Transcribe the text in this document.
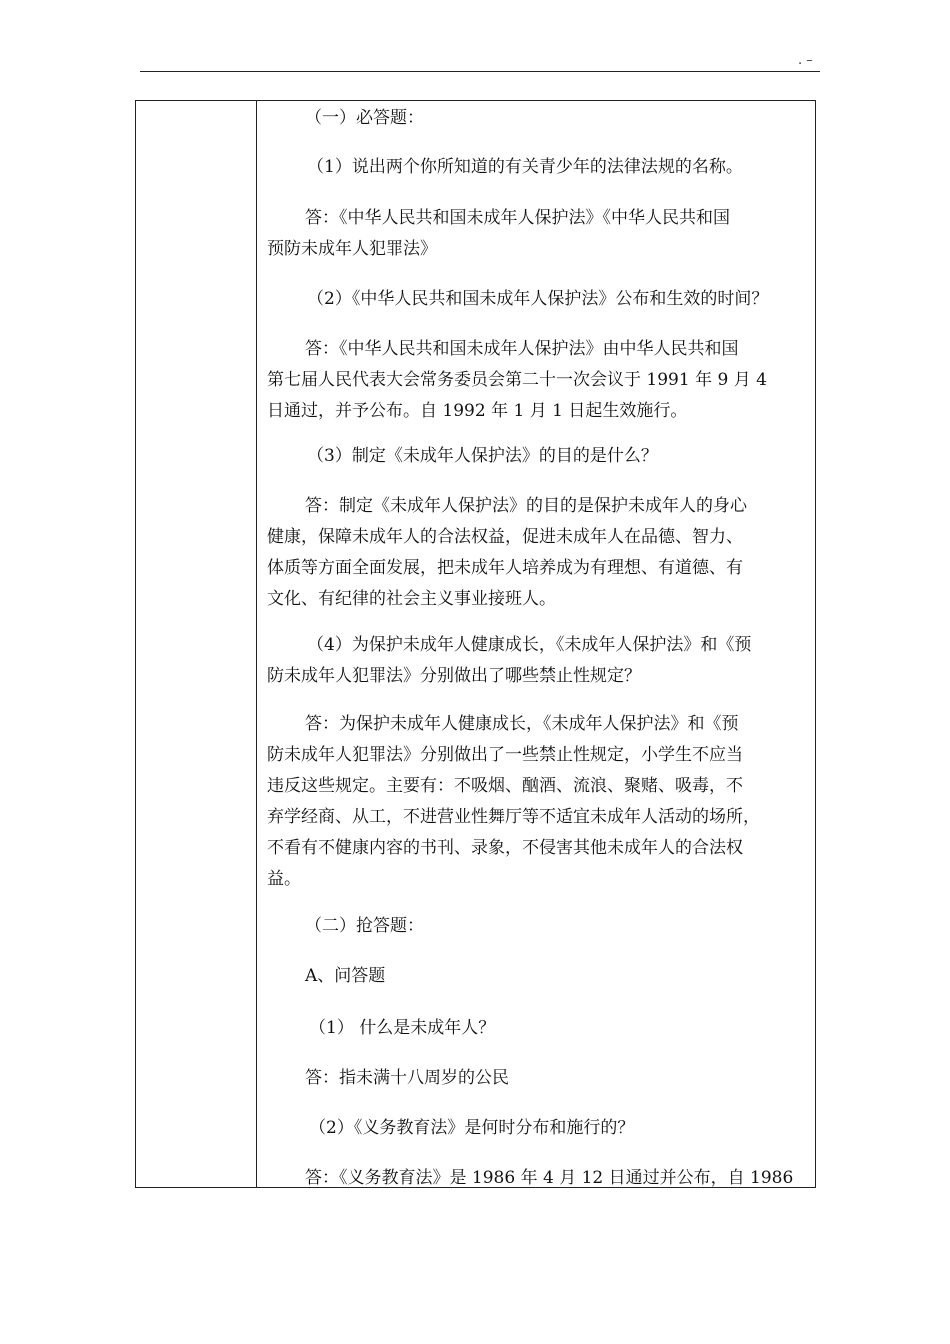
. –

（一）必答题：

（1）说出两个你所知道的有关青少年的法律法规的名称。

答：《中华人民共和国未成年人保护法》《中华人民共和国

预防未成年人犯罪法》

（2）《中华人民共和国未成年人保护法》公布和生效的时间？

答：《中华人民共和国未成年人保护法》由中华人民共和国

第七届人民代表大会常务委员会第二十一次会议于 1991 年 9 月 4

日通过，并予公布。自 1992 年 1 月 1 日起生效施行。

（3）制定《未成年人保护法》的目的是什么？

答：制定《未成年人保护法》的目的是保护未成年人的身心

健康，保障未成年人的合法权益，促进未成年人在品德、智力、

体质等方面全面发展，把未成年人培养成为有理想、有道德、有

文化、有纪律的社会主义事业接班人。

（4）为保护未成年人健康成长，《未成年人保护法》和《预

防未成年人犯罪法》分别做出了哪些禁止性规定？

答：为保护未成年人健康成长，《未成年人保护法》和《预

防未成年人犯罪法》分别做出了一些禁止性规定，小学生不应当

违反这些规定。主要有：不吸烟、酗酒、流浪、聚赌、吸毒，不

弃学经商、从工，不进营业性舞厅等不适宜未成年人活动的场所，

不看有不健康内容的书刊、录象，不侵害其他未成年人的合法权

益。

（二）抢答题：

A、问答题

（1） 什么是未成年人？

答：指未满十八周岁的公民

（2）《义务教育法》是何时分布和施行的？

答：《义务教育法》是 1986 年 4 月 12 日通过并公布，自 1986
